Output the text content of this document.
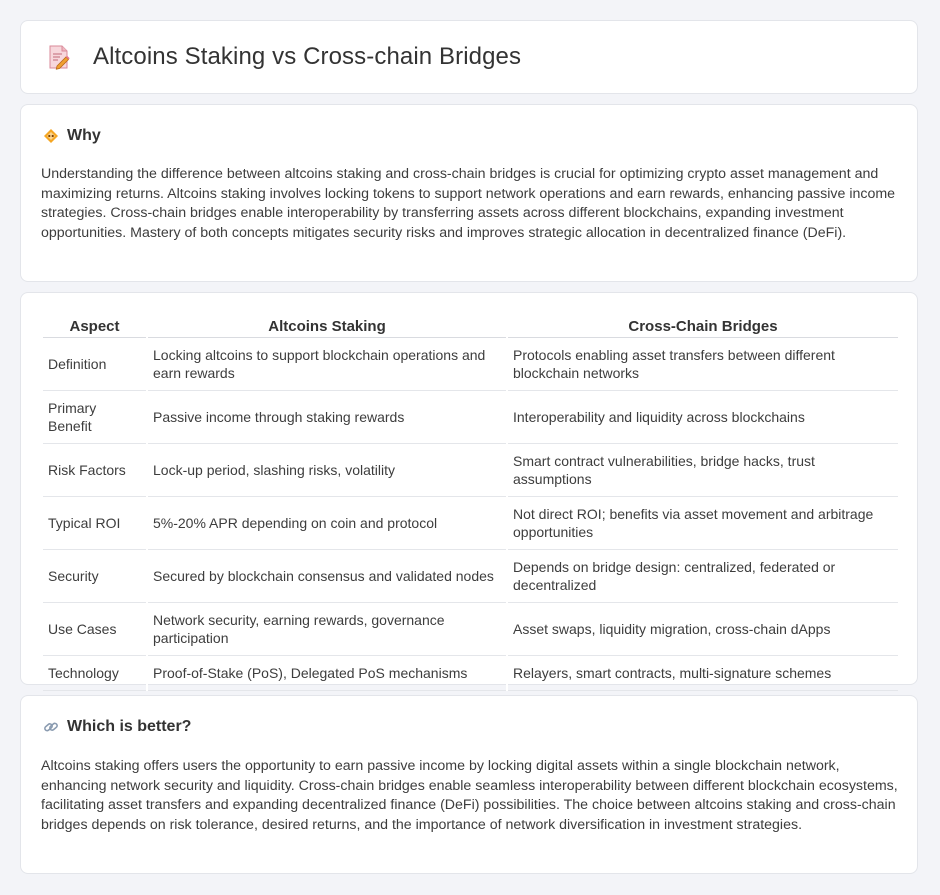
Altcoins Staking vs Cross-chain Bridges
Why

Understanding the difference between altcoins staking and cross-chain bridges is crucial for optimizing crypto asset management and maximizing returns. Altcoins staking involves locking tokens to support network operations and earn rewards, enhancing passive income strategies. Cross-chain bridges enable interoperability by transferring assets across different blockchains, expanding investment opportunities. Mastery of both concepts mitigates security risks and improves strategic allocation in decentralized finance (DeFi).

Aspect	Altcoins Staking	Cross-Chain Bridges
Definition	Locking altcoins to support blockchain operations and earn rewards	Protocols enabling asset transfers between different blockchain networks
Primary Benefit	Passive income through staking rewards	Interoperability and liquidity across blockchains
Risk Factors	Lock-up period, slashing risks, volatility	Smart contract vulnerabilities, bridge hacks, trust assumptions
Typical ROI	5%-20% APR depending on coin and protocol	Not direct ROI; benefits via asset movement and arbitrage opportunities
Security	Secured by blockchain consensus and validated nodes	Depends on bridge design: centralized, federated or decentralized
Use Cases	Network security, earning rewards, governance participation	Asset swaps, liquidity migration, cross-chain dApps
Technology	Proof-of-Stake (PoS), Delegated PoS mechanisms	Relayers, smart contracts, multi-signature schemes
Which is better?

Altcoins staking offers users the opportunity to earn passive income by locking digital assets within a single blockchain network, enhancing network security and liquidity. Cross-chain bridges enable seamless interoperability between different blockchain ecosystems, facilitating asset transfers and expanding decentralized finance (DeFi) possibilities. The choice between altcoins staking and cross-chain bridges depends on risk tolerance, desired returns, and the importance of network diversification in investment strategies.
